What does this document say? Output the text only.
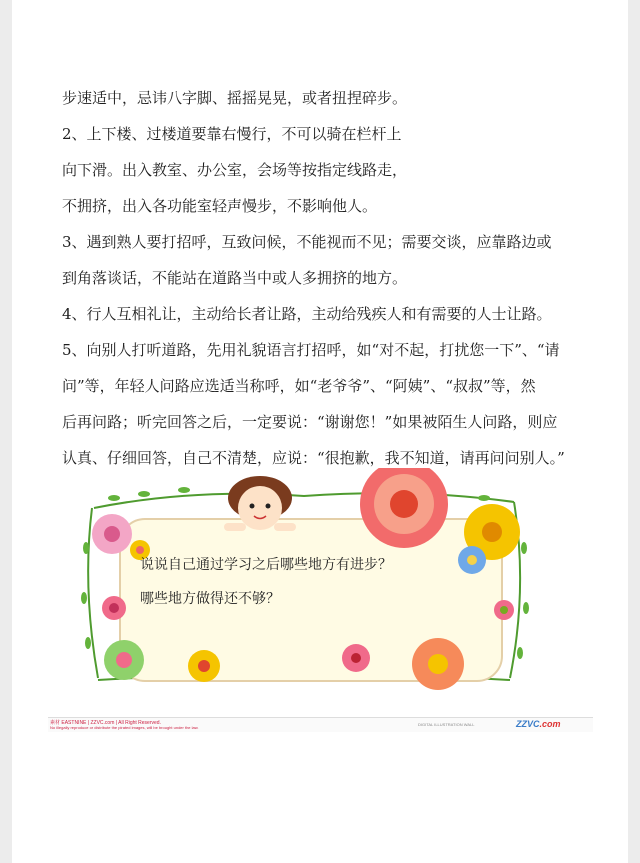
步速适中，忌讳八字脚、摇摇晃晃，或者扭捏碎步。
2、上下楼、过楼道要靠右慢行，不可以骑在栏杆上
向下滑。出入教室、办公室，会场等按指定线路走，
不拥挤，出入各功能室轻声慢步，不影响他人。
3、遇到熟人要打招呼，互致问候，不能视而不见；需要交谈，应靠路边或
到角落谈话，不能站在道路当中或人多拥挤的地方。
4、行人互相礼让，主动给长者让路，主动给残疾人和有需要的人士让路。
5、向别人打听道路，先用礼貌语言打招呼，如“对不起，打扰您一下”、“请
问”等，年轻人问路应选适当称呼，如“老爷爷”、“阿姨”、“叔叔”等，然
后再问路；听完回答之后，一定要说：“谢谢您！”如果被陌生人问路，则应
认真、仔细回答，自己不清楚，应说：“很抱歉，我不知道，请再问问别人。”
说说自己通过学习之后哪些地方有进步？
哪些地方做得还不够？
素材 EASTNINE | ZZVC.com | All Right Reserved.
No illegally reproduce or distribute the pirated images, will be brought under the law.
DIGITAL ILLUSTRATION WALL	ZZVC.com
